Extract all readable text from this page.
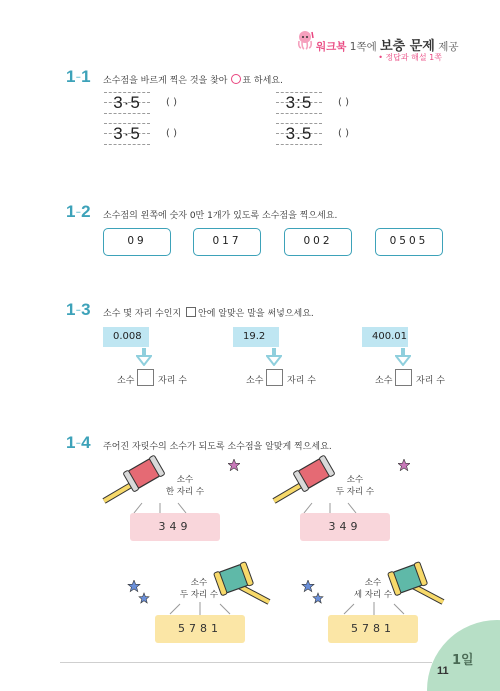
워크북 1쪽에 보충 문제 제공
• 정답과 해설 1쪽
1-1 소수점을 바르게 찍은 것을 찾아 ○표 하세요.
3·5	( )	3:5	( )
3·5	( )	3.5	( )
1-2 소수점의 왼쪽에 숫자 0만 1개가 있도록 소수점을 찍으세요.
09	017	002	0505
1-3 소수 몇 자리 수인지 안에 알맞은 말을 써넣으세요.
0.008
소수	자리 수
19.2
소수	자리 수
400.01
소수	자리 수
1-4 주어진 자릿수의 소수가 되도록 소수점을 알맞게 찍으세요.
소수
한 자리 수
349
소수
두 자리 수
349
소수
두 자리 수
5781
소수
세 자리 수
5781
1일
11
